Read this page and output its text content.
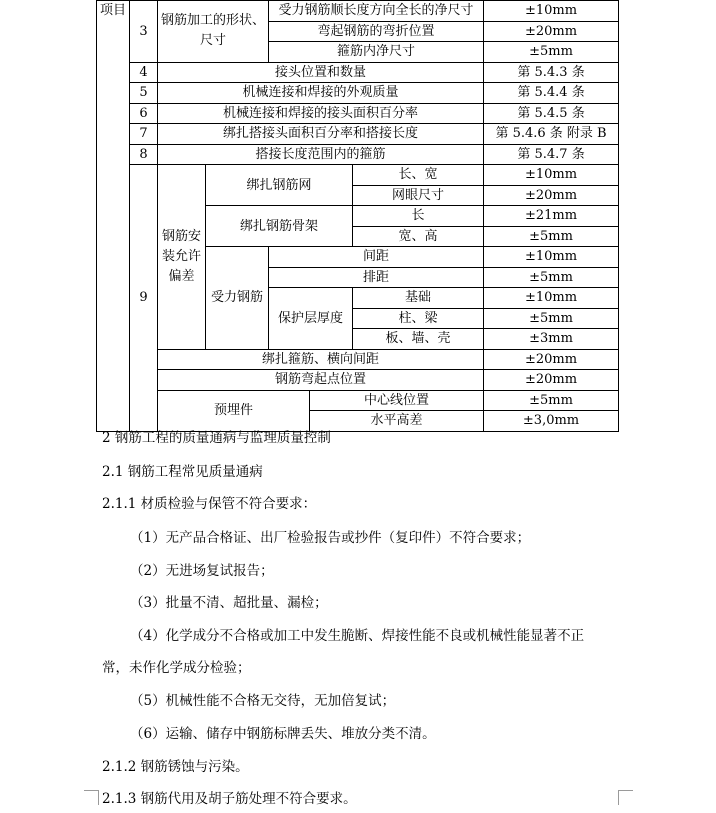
项目	3	钢筋加工的形状、尺寸		受力钢筋顺长度方向全长的净尺寸			±10mm
				弯起钢筋的弯折位置			±20mm
				箍筋内净尺寸			±5mm
	4	接头位置和数量					第 5.4.3 条
	5	机械连接和焊接的外观质量					第 5.4.4 条
	6	机械连接和焊接的接头面积百分率					第 5.4.5 条
	7	绑扎搭接头面积百分率和搭接长度					第 5.4.6 条 附录 B
	8	搭接长度范围内的箍筋					第 5.4.7 条
	9	钢筋安装允许偏差	绑扎钢筋网			长、宽	±10mm
						网眼尺寸	±20mm
			绑扎钢筋骨架			长	±21mm
						宽、高	±5mm
			受力钢筋	间距			±10mm
				排距			±5mm
				保护层厚度		基础	±10mm
						柱、梁	±5mm
						板、墙、壳	±3mm
		绑扎箍筋、横向间距					±20mm
		钢筋弯起点位置					±20mm
		预埋件			中心线位置		±5mm
					水平高差		±3,0mm
2 钢筋工程的质量通病与监理质量控制
2.1 钢筋工程常见质量通病
2.1.1 材质检验与保管不符合要求：
（1）无产品合格证、出厂检验报告或抄件（复印件）不符合要求；
（2）无进场复试报告；
（3）批量不清、超批量、漏检；
（4）化学成分不合格或加工中发生脆断、焊接性能不良或机械性能显著不正
常，未作化学成分检验；
（5）机械性能不合格无交待，无加倍复试；
（6）运输、储存中钢筋标牌丢失、堆放分类不清。
2.1.2 钢筋锈蚀与污染。
2.1.3 钢筋代用及胡子筋处理不符合要求。
